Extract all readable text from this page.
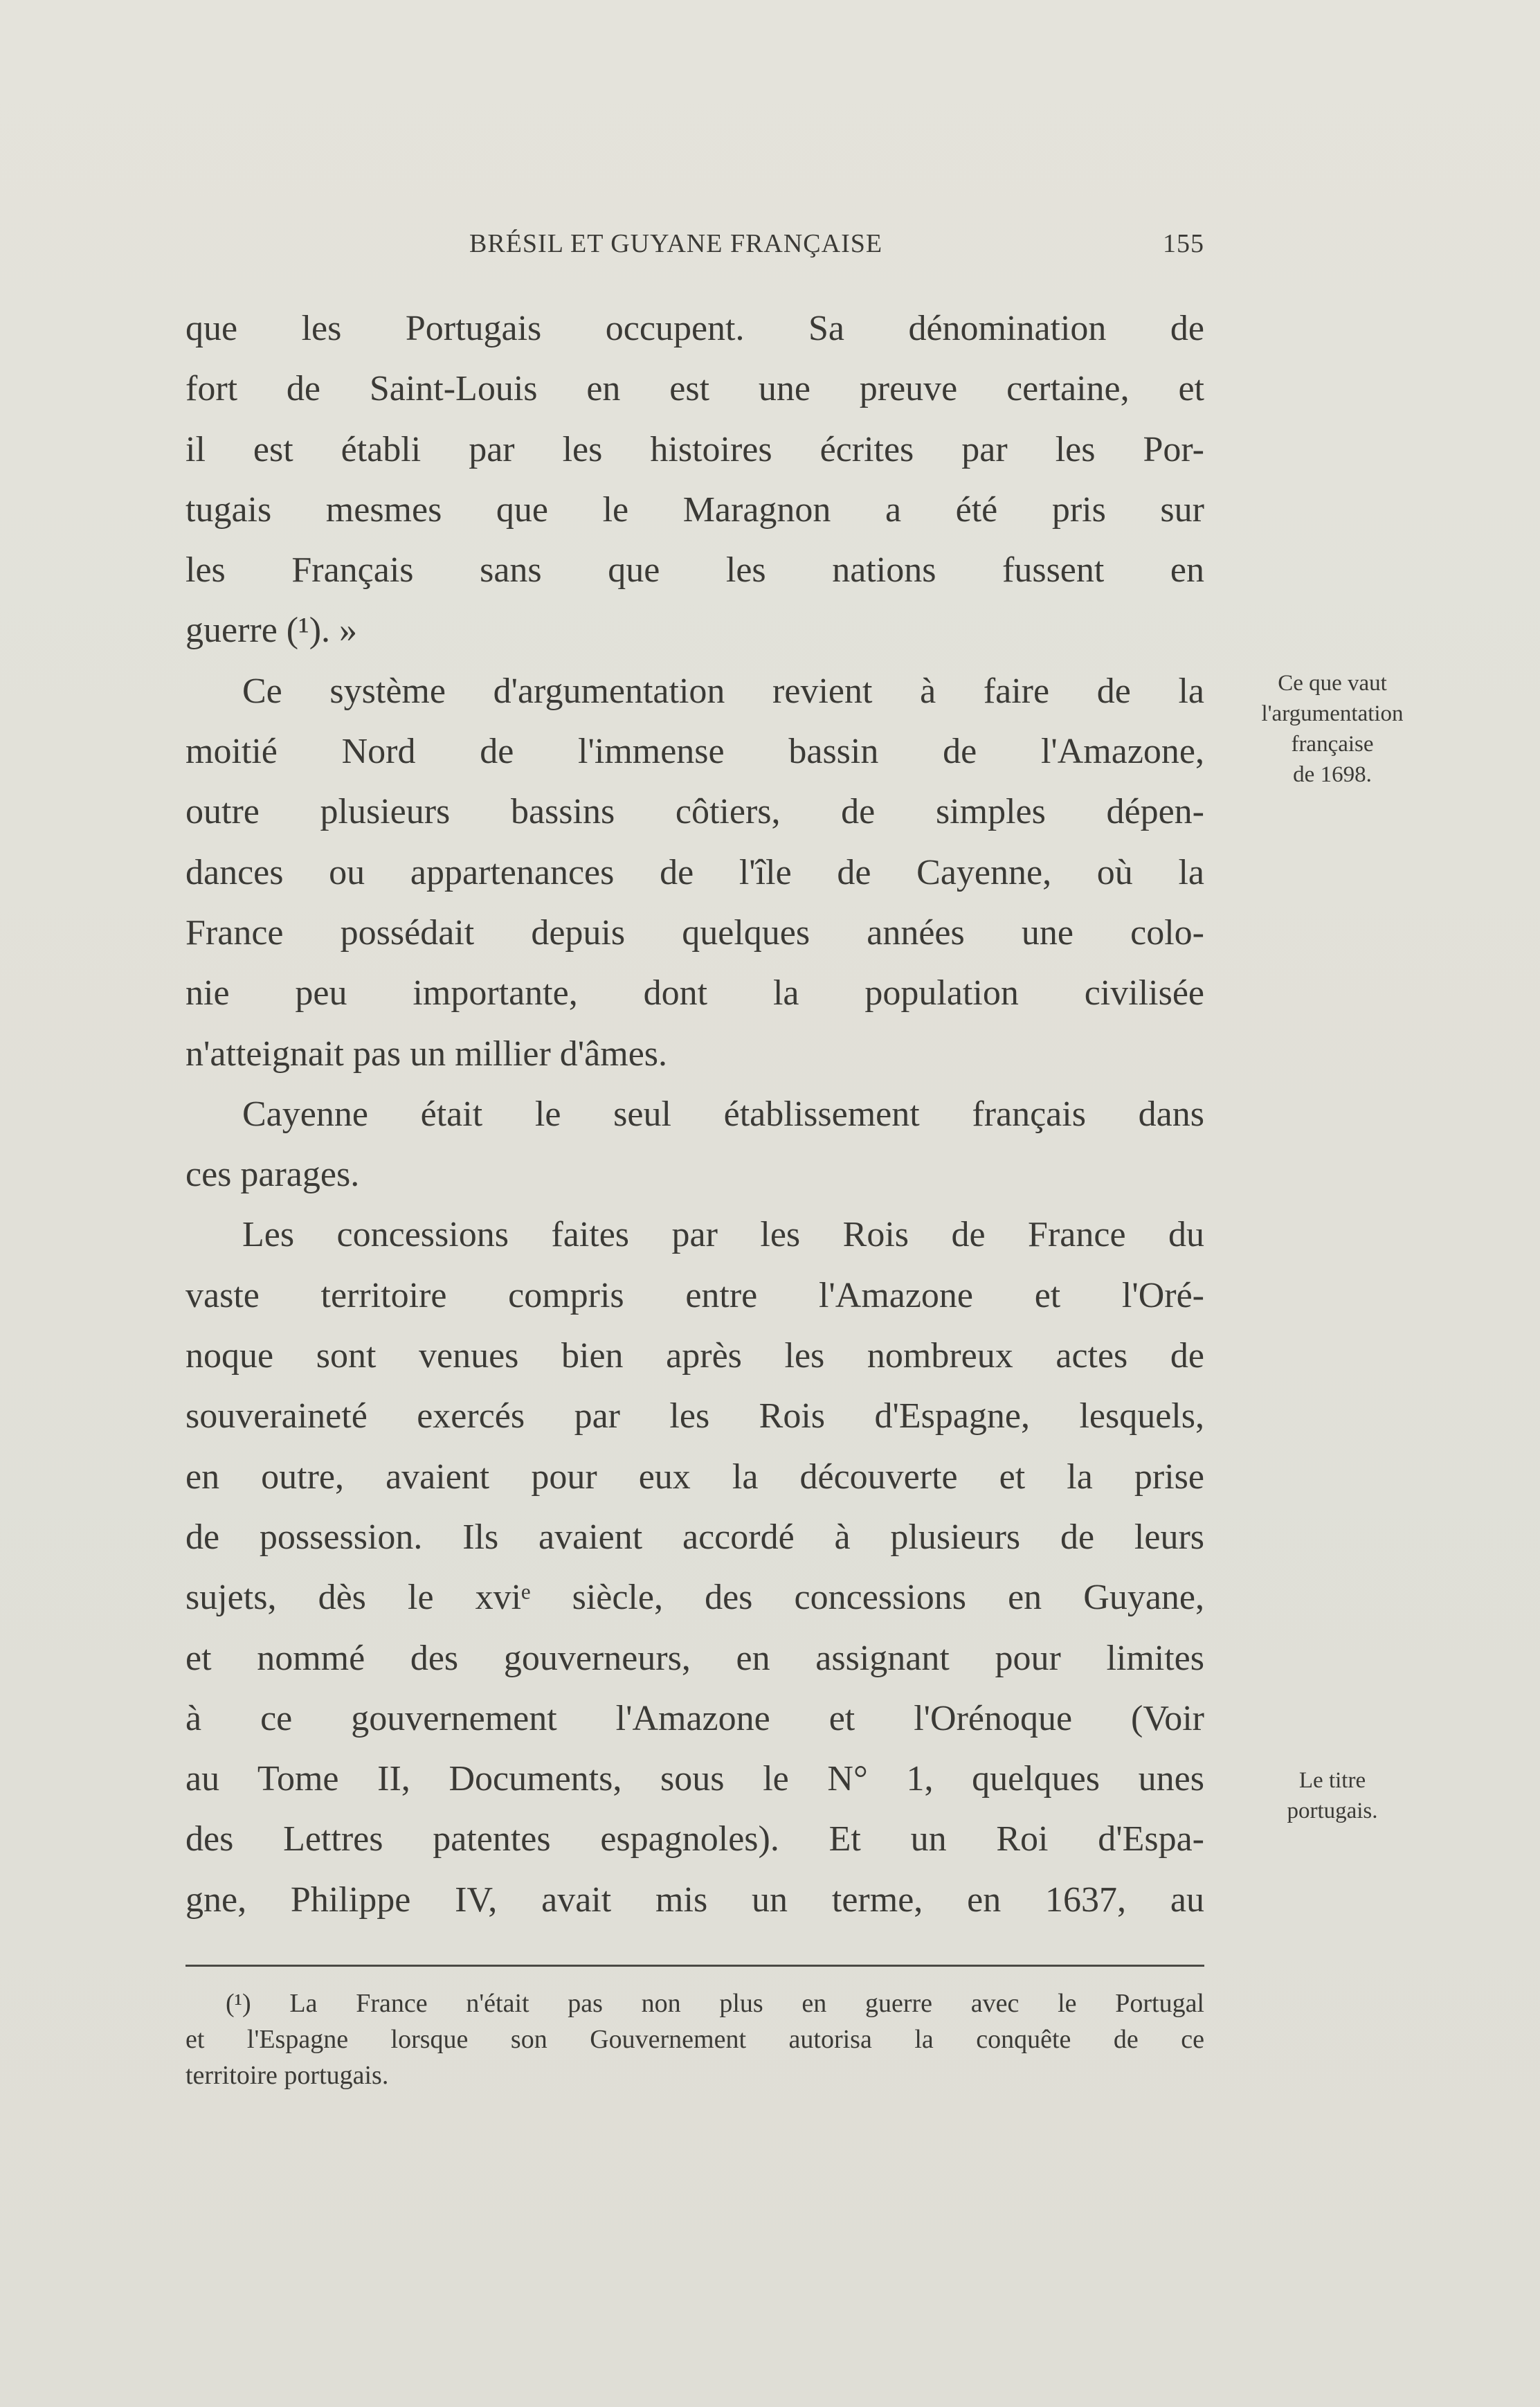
BRÉSIL ET GUYANE FRANÇAISE	155
que les Portugais occupent. Sa dénomination de
fort de Saint-Louis en est une preuve certaine, et
il est établi par les histoires écrites par les Por-
tugais mesmes que le Maragnon a été pris sur
les Français sans que les nations fussent en
guerre (¹). »
Ce système d'argumentation revient à faire de la
moitié Nord de l'immense bassin de l'Amazone,
outre plusieurs bassins côtiers, de simples dépen-
dances ou appartenances de l'île de Cayenne, où la
France possédait depuis quelques années une colo-
nie peu importante, dont la population civilisée
n'atteignait pas un millier d'âmes.
Cayenne était le seul établissement français dans
ces parages.
Les concessions faites par les Rois de France du
vaste territoire compris entre l'Amazone et l'Oré-
noque sont venues bien après les nombreux actes de
souveraineté exercés par les Rois d'Espagne, lesquels,
en outre, avaient pour eux la découverte et la prise
de possession. Ils avaient accordé à plusieurs de leurs
sujets, dès le xviᵉ siècle, des concessions en Guyane,
et nommé des gouverneurs, en assignant pour limites
à ce gouvernement l'Amazone et l'Orénoque (Voir
au Tome II, Documents, sous le N° 1, quelques unes
des Lettres patentes espagnoles). Et un Roi d'Espa-
gne, Philippe IV, avait mis un terme, en 1637, au
Ce que vaut
l'argumentation
française
de 1698.
Le titre
portugais.
(¹) La France n'était pas non plus en guerre avec le Portugal
et l'Espagne lorsque son Gouvernement autorisa la conquête de ce
territoire portugais.
